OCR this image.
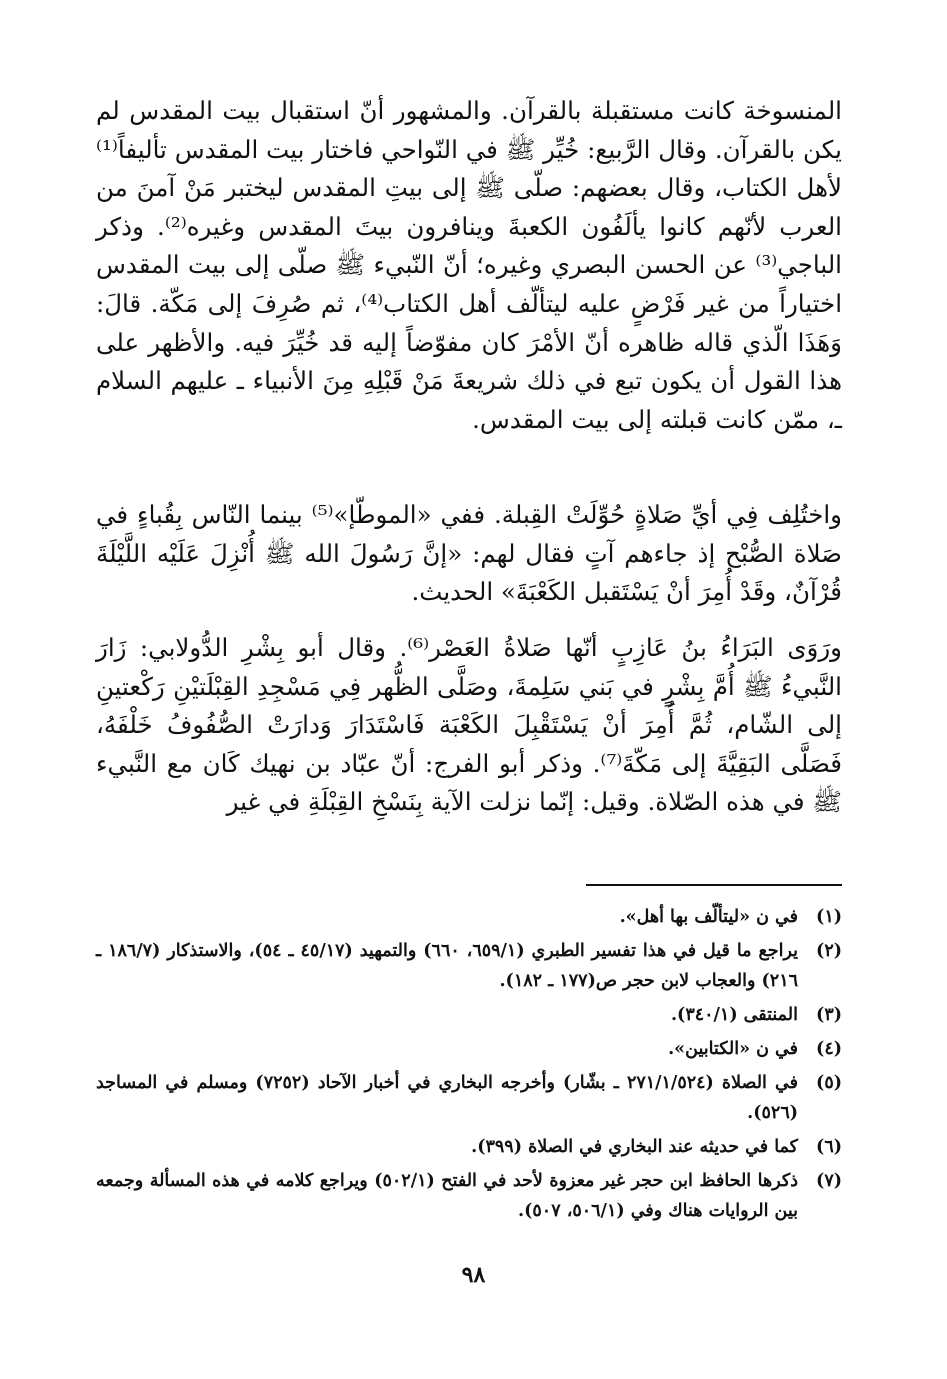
المنسوخة كانت مستقبلة بالقرآن. والمشهور أنّ استقبال بيت المقدس لم يكن بالقرآن. وقال الرَّبيع: خُيِّر ﷺ في النّواحي فاختار بيت المقدس تأليفاً⁽¹⁾ لأهل الكتاب، وقال بعضهم: صلّى ﷺ إلى بيتِ المقدس ليختبر مَنْ آمنَ من العرب لأنّهم كانوا يألَفُون الكعبةَ وينافرون بيتَ المقدس وغيره⁽²⁾. وذكر الباجي⁽³⁾ عن الحسن البصري وغيره؛ أنّ النّبيء ﷺ صلّى إلى بيت المقدس اختياراً من غير فَرْضٍ عليه ليتألّف أهل الكتاب⁽⁴⁾، ثم صُرِفَ إلى مَكّة. قالَ: وَهَذَا الّذي قاله ظاهره أنّ الأمْرَ كان مفوّضاً إليه قد خُيِّرَ فيه. والأظهر على هذا القول أن يكون تبع في ذلك شريعةَ مَنْ قَبْلِهِ مِنَ الأنبياء ـ عليهم السلام ـ، ممّن كانت قبلته إلى بيت المقدس.

واختُلِف فِي أيِّ صَلاةٍ حُوِّلَتْ القِبلة. ففي «الموطّإ»⁽⁵⁾ بينما النّاس بِقُباءٍ في صَلاة الصُّبْح إذ جاءهم آتٍ فقال لهم: «إنَّ رَسُولَ الله ﷺ أُنْزِلَ عَلَيْه اللَّيْلَةَ قُرْآنٌ، وقَدْ أُمِرَ أنْ يَسْتَقبل الكَعْبَةَ» الحديث.

ورَوَى البَرَاءُ بنُ عَازِبٍ أنّها صَلاةُ العَصْر⁽⁶⁾. وقال أبو بِشْرِ الدُّولابي: زَارَ النَّبيءُ ﷺ أُمَّ بِشْرٍ في بَني سَلِمةَ، وصَلَّى الظُّهر فِي مَسْجِدِ القِبْلَتيْنِ رَكْعتينِ إلى الشّام، ثُمَّ أُمِرَ أنْ يَسْتَقْبِلَ الكَعْبَة فَاسْتَدَارَ وَدارَتْ الصُّفُوفُ خَلْفَهُ، فَصَلَّى البَقِيَّةَ إلى مَكّةَ⁽⁷⁾. وذكر أبو الفرج: أنّ عبّاد بن نهيك كَان مع النَّبيء ﷺ في هذه الصّلاة. وقيل: إنّما نزلت الآية بِنَسْخِ القِبْلَةِ في غير

(١)
في ن «ليتألّف بها أهل».
(٢)
يراجع ما قيل في هذا تفسير الطبري (٦٥٩/١، ٦٦٠) والتمهيد (٤٥/١٧ ـ ٥٤)، والاستذكار (١٨٦/٧ ـ ٢١٦) والعجاب لابن حجر ص(١٧٧ ـ ١٨٢).
(٣)
المنتقى (٣٤٠/١).
(٤)
في ن «الكتابين».
(٥)
في الصلاة (٢٧١/١/٥٢٤ ـ بشّار) وأخرجه البخاري في أخبار الآحاد (٧٢٥٢) ومسلم في المساجد (٥٢٦).
(٦)
كما في حديثه عند البخاري في الصلاة (٣٩٩).
(٧)
ذكرها الحافظ ابن حجر غير معزوة لأحد في الفتح (٥٠٢/١) ويراجع كلامه في هذه المسألة وجمعه بين الروايات هناك وفي (٥٠٦/١، ٥٠٧).
٩٨
